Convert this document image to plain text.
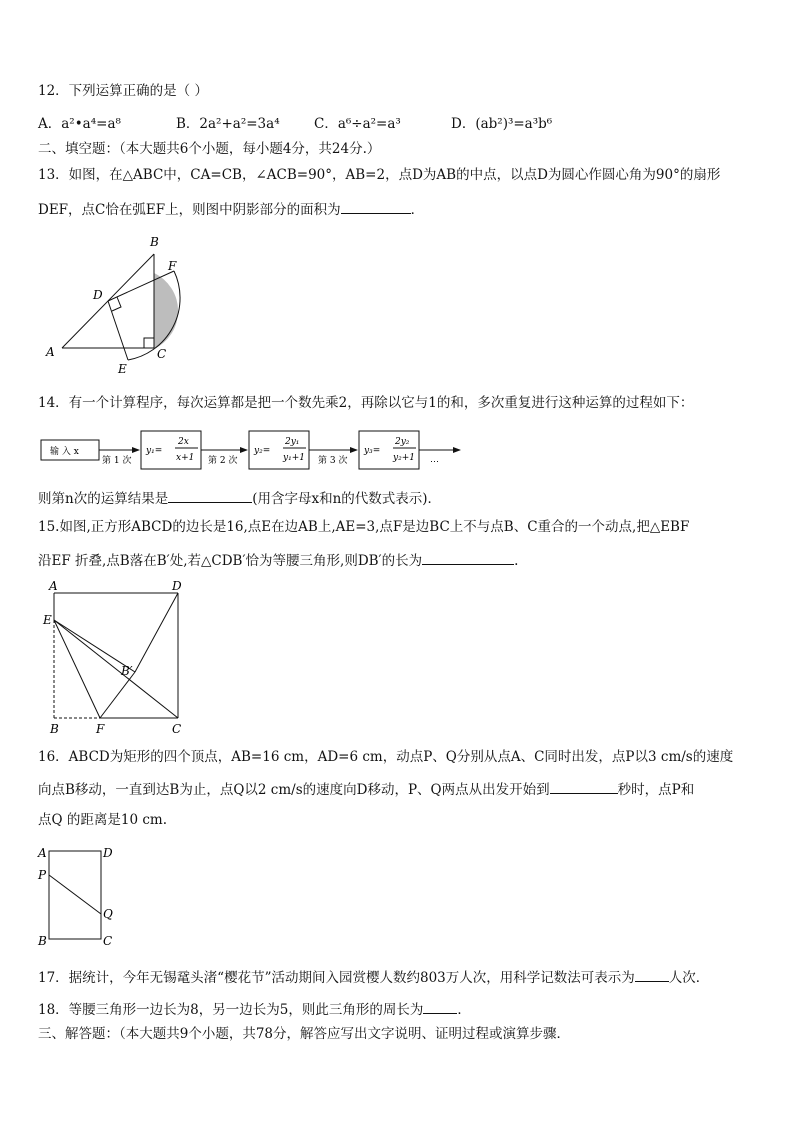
12．下列运算正确的是（ ）
A．a²•a⁴=a⁸	B．2a²+a²=3a⁴	C．a⁶÷a²=a³	D．(ab²)³=a³b⁶
二、填空题：（本大题共6个小题，每小题4分，共24分.）
13．如图，在△ABC中，CA=CB，∠ACB=90°，AB=2，点D为AB的中点，以点D为圆心作圆心角为90°的扇形
DEF，点C恰在弧EF上，则图中阴影部分的面积为	．
B
F
D
A	C
E
14．有一个计算程序，每次运算都是把一个数先乘2，再除以它与1的和，多次重复进行这种运算的过程如下：
输 入 x
第 1 次	第 2 次	第 3 次
y₁=
2x
x+1
y₂=
2y₁
y₁+1
y₃=
2y₂
y₂+1 ⋯
则第n次的运算结果是	(用含字母x和n的代数式表示)．
15.如图,正方形ABCD的边长是16,点E在边AB上,AE=3,点F是边BC上不与点B、C重合的一个动点,把△EBF
沿EF 折叠,点B落在B′处,若△CDB′恰为等腰三角形,则DB′的长为	.
A	D
E
B′
B	F	C
16．ABCD为矩形的四个顶点，AB=16 cm，AD=6 cm，动点P、Q分别从点A、C同时出发，点P以3 cm/s的速度
向点B移动，一直到达B为止，点Q以2 cm/s的速度向D移动，P、Q两点从出发开始到	秒时，点P和
点Q 的距离是10 cm.
A	D
P
Q
B	C
17．据统计，今年无锡鼋头渚“樱花节”活动期间入园赏樱人数约803万人次，用科学记数法可表示为	人次．
18．等腰三角形一边长为8，另一边长为5，则此三角形的周长为	．
三、解答题：（本大题共9个小题，共78分，解答应写出文字说明、证明过程或演算步骤．
